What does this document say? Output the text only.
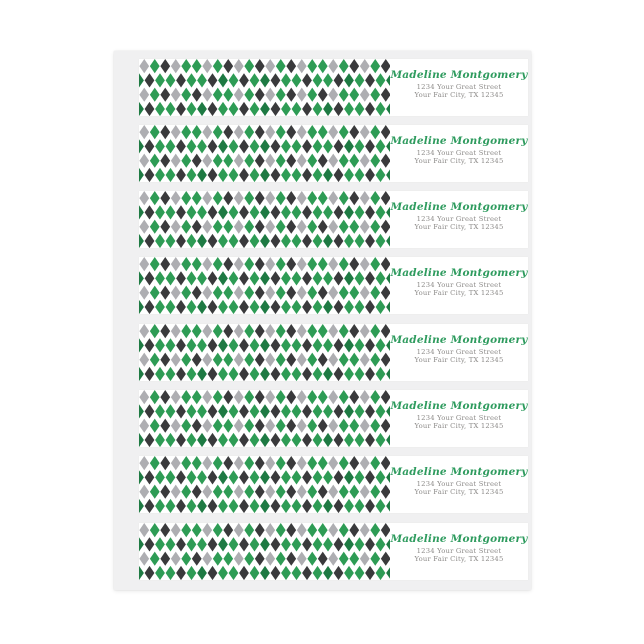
Madeline Montgomery
1234 Your Great Street
Your Fair City, TX 12345
Madeline Montgomery
1234 Your Great Street
Your Fair City, TX 12345
Madeline Montgomery
1234 Your Great Street
Your Fair City, TX 12345
Madeline Montgomery
1234 Your Great Street
Your Fair City, TX 12345
Madeline Montgomery
1234 Your Great Street
Your Fair City, TX 12345
Madeline Montgomery
1234 Your Great Street
Your Fair City, TX 12345
Madeline Montgomery
1234 Your Great Street
Your Fair City, TX 12345
Madeline Montgomery
1234 Your Great Street
Your Fair City, TX 12345
